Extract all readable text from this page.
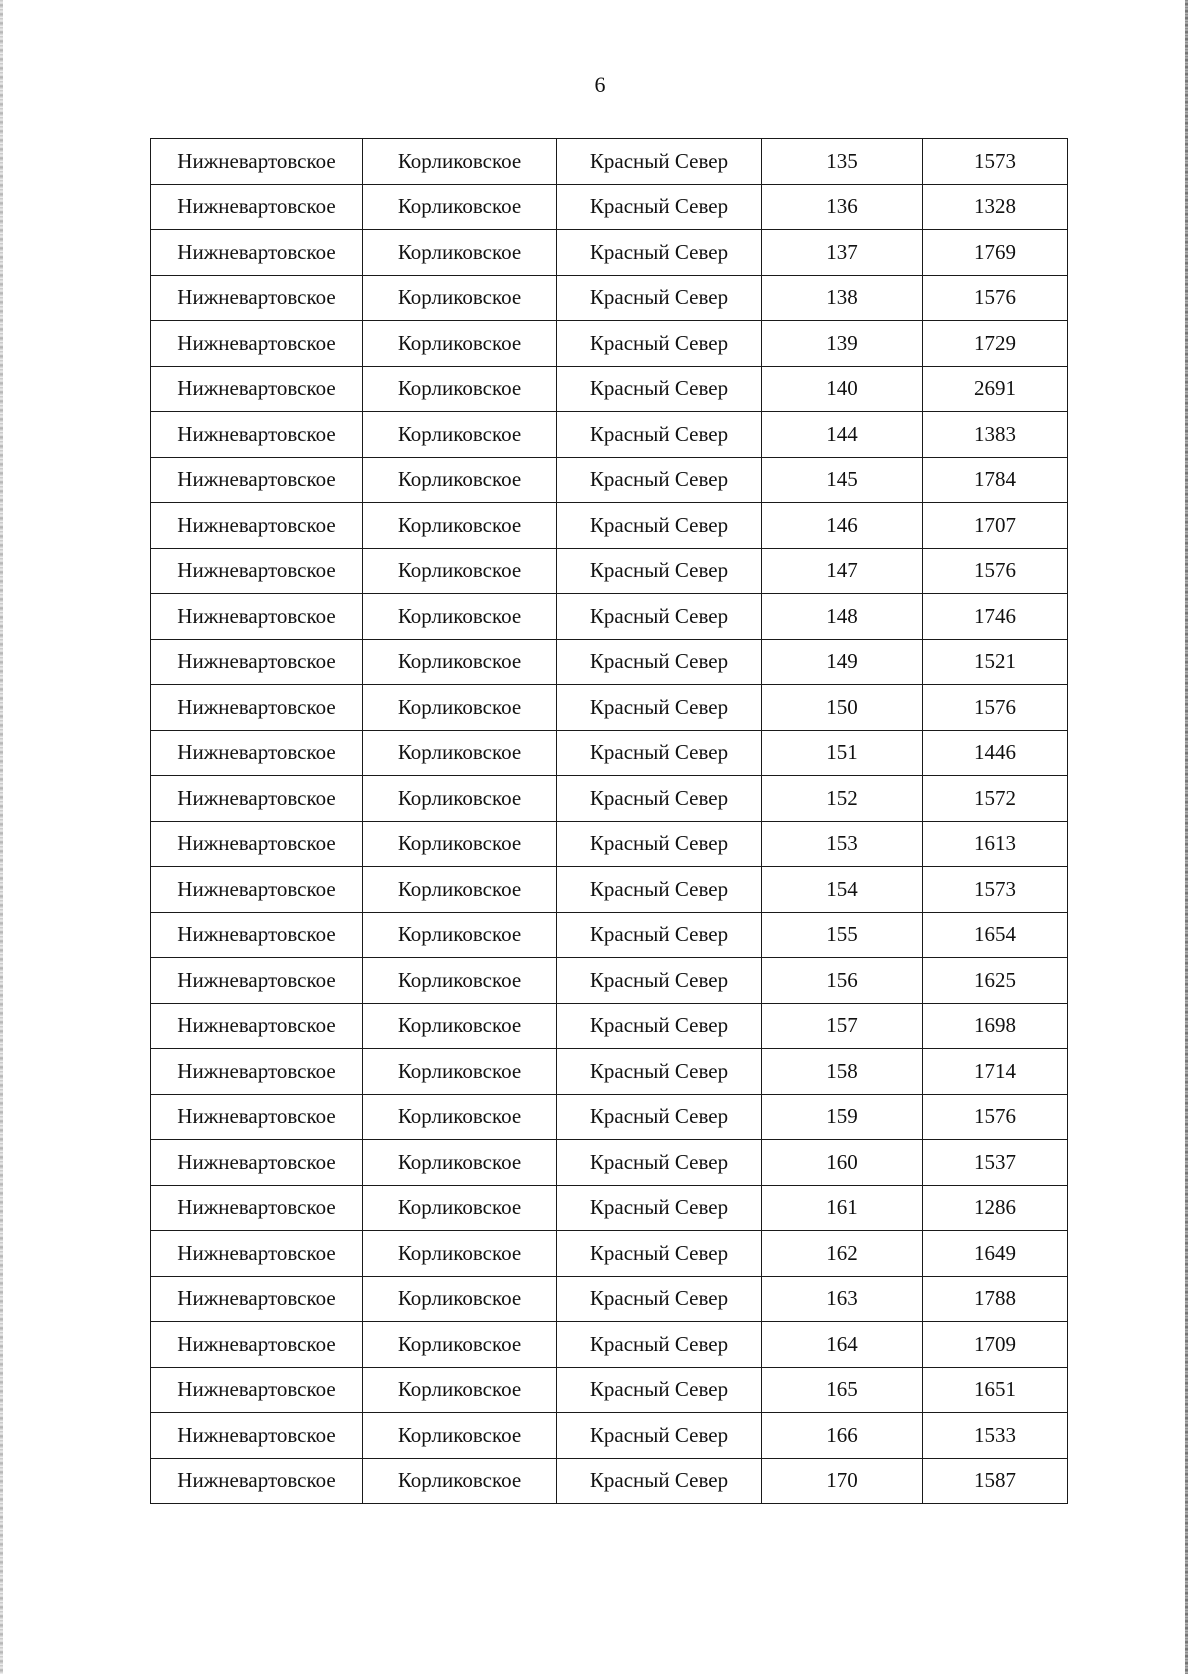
6
Нижневартовское	Корликовское	Красный Север	135	1573
Нижневартовское	Корликовское	Красный Север	136	1328
Нижневартовское	Корликовское	Красный Север	137	1769
Нижневартовское	Корликовское	Красный Север	138	1576
Нижневартовское	Корликовское	Красный Север	139	1729
Нижневартовское	Корликовское	Красный Север	140	2691
Нижневартовское	Корликовское	Красный Север	144	1383
Нижневартовское	Корликовское	Красный Север	145	1784
Нижневартовское	Корликовское	Красный Север	146	1707
Нижневартовское	Корликовское	Красный Север	147	1576
Нижневартовское	Корликовское	Красный Север	148	1746
Нижневартовское	Корликовское	Красный Север	149	1521
Нижневартовское	Корликовское	Красный Север	150	1576
Нижневартовское	Корликовское	Красный Север	151	1446
Нижневартовское	Корликовское	Красный Север	152	1572
Нижневартовское	Корликовское	Красный Север	153	1613
Нижневартовское	Корликовское	Красный Север	154	1573
Нижневартовское	Корликовское	Красный Север	155	1654
Нижневартовское	Корликовское	Красный Север	156	1625
Нижневартовское	Корликовское	Красный Север	157	1698
Нижневартовское	Корликовское	Красный Север	158	1714
Нижневартовское	Корликовское	Красный Север	159	1576
Нижневартовское	Корликовское	Красный Север	160	1537
Нижневартовское	Корликовское	Красный Север	161	1286
Нижневартовское	Корликовское	Красный Север	162	1649
Нижневартовское	Корликовское	Красный Север	163	1788
Нижневартовское	Корликовское	Красный Север	164	1709
Нижневартовское	Корликовское	Красный Север	165	1651
Нижневартовское	Корликовское	Красный Север	166	1533
Нижневартовское	Корликовское	Красный Север	170	1587
